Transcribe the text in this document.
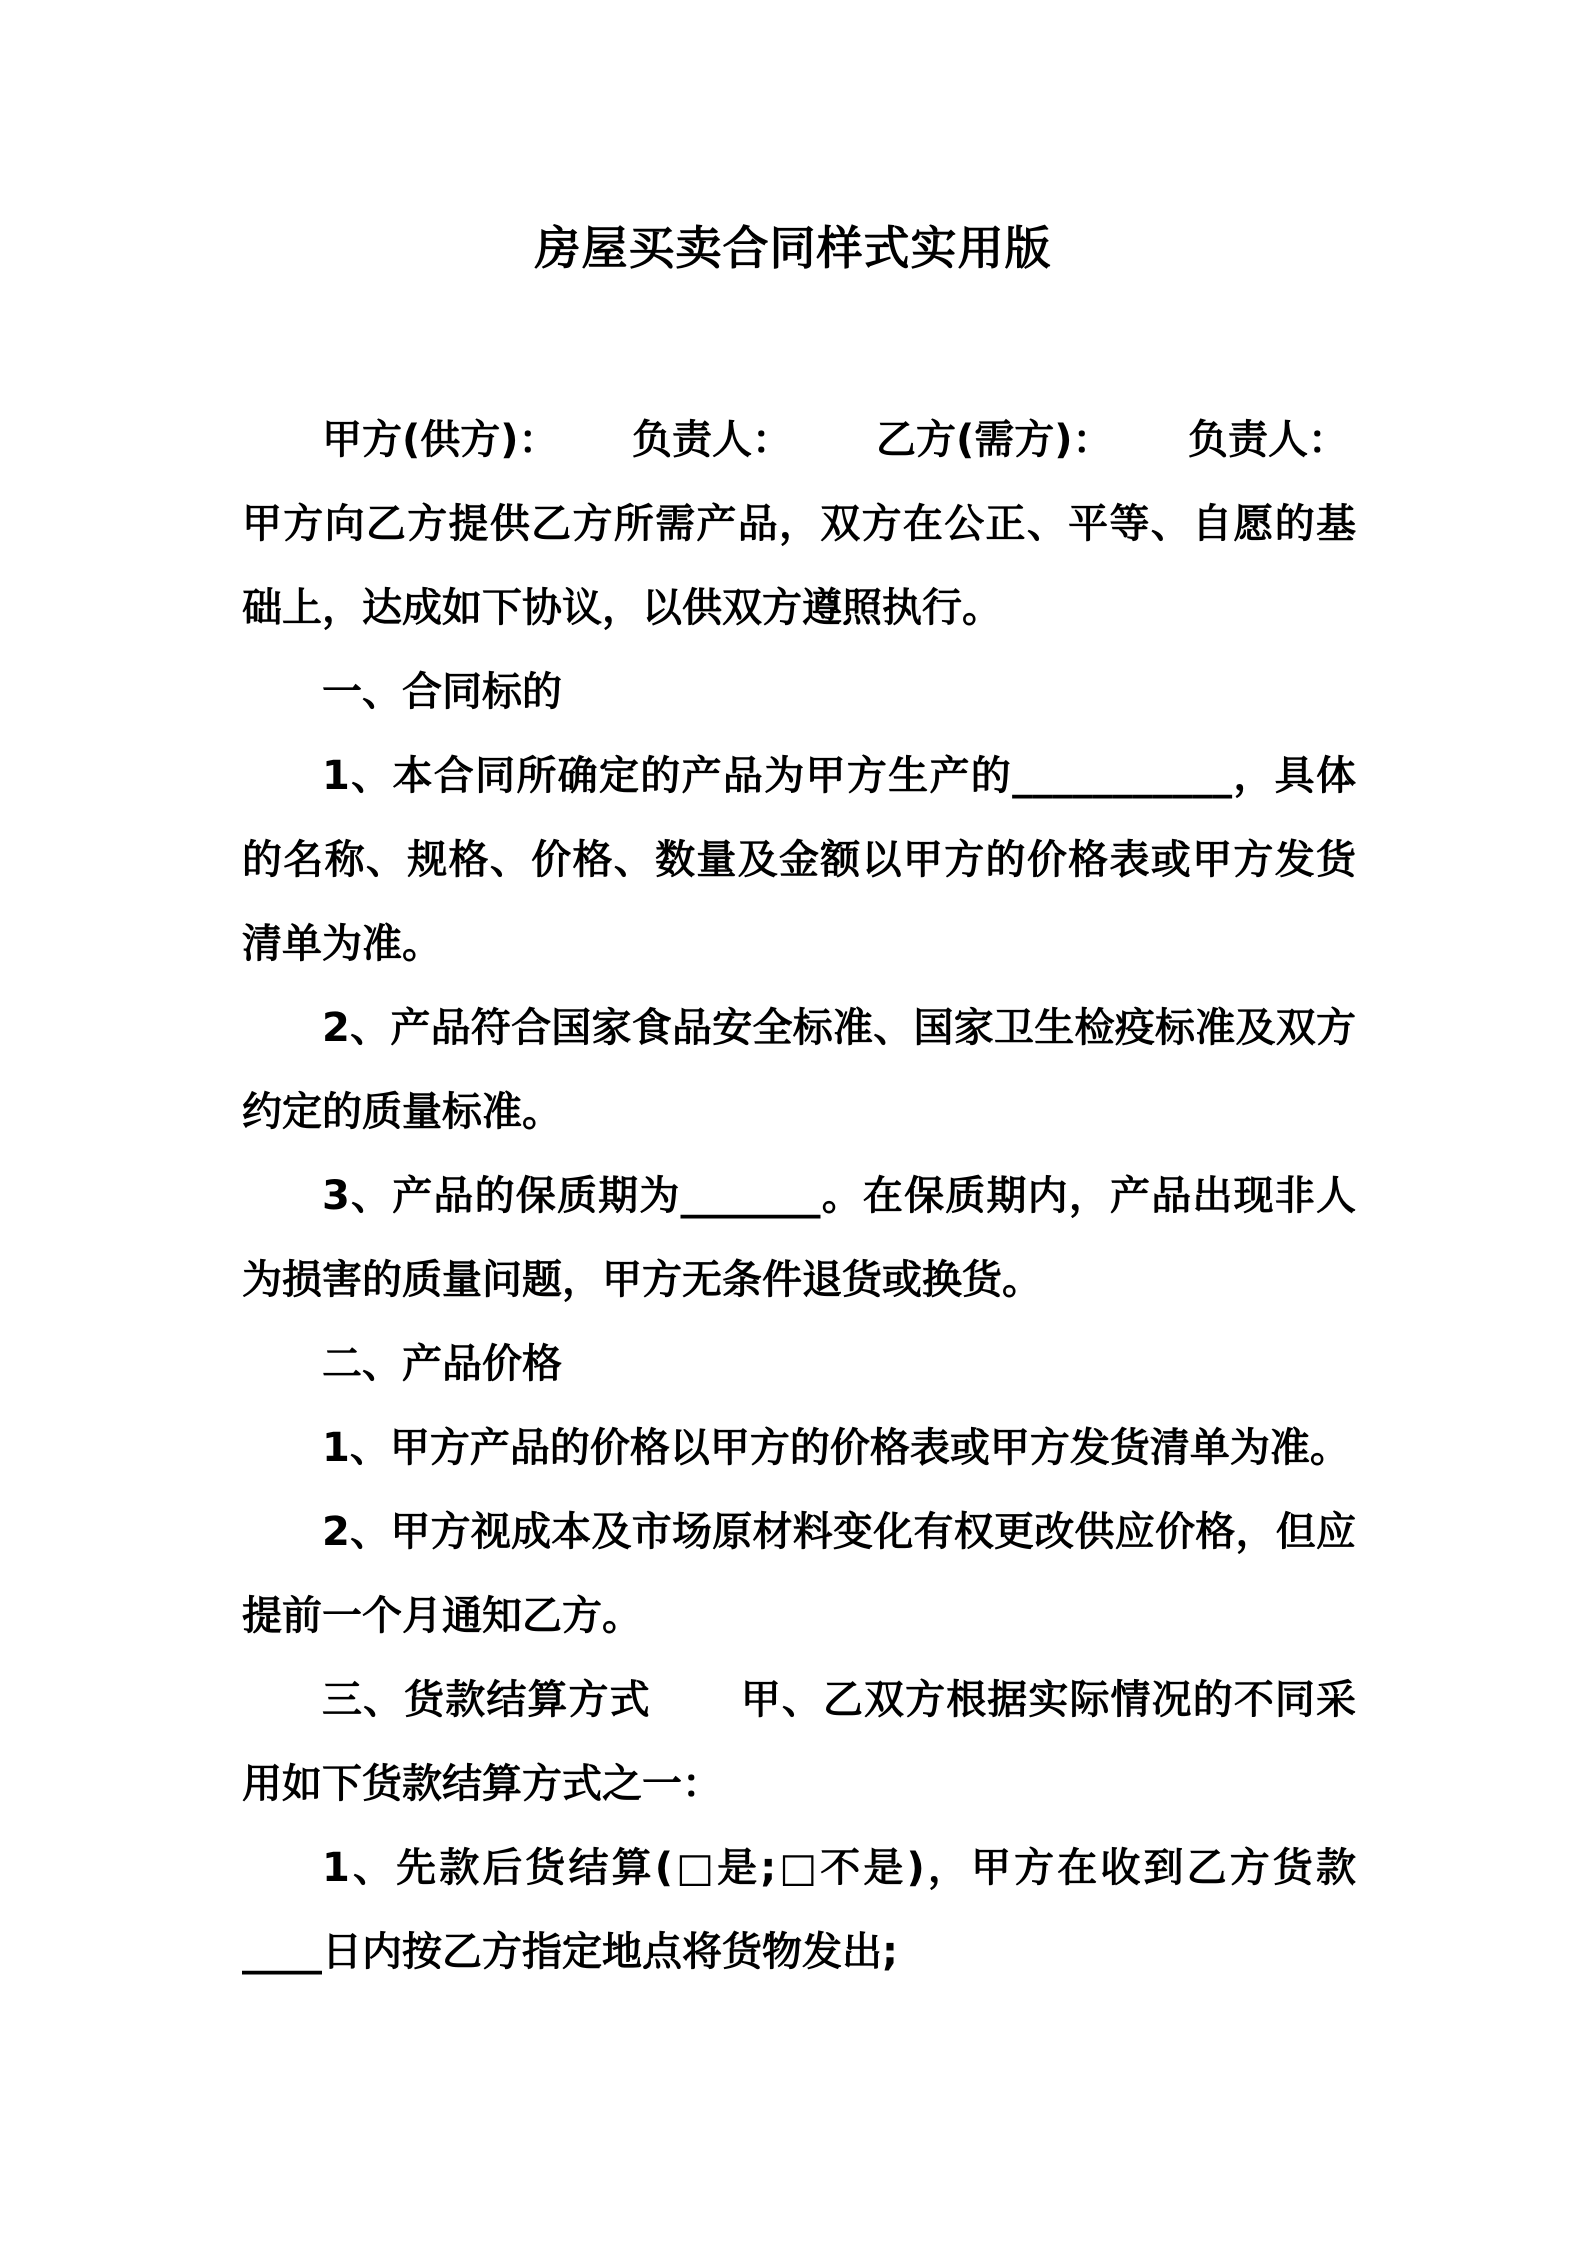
房屋买卖合同样式实用版

甲方(供方)： 负责人： 乙方(需方)： 负责人：

甲方向乙方提供乙方所需产品，双方在公正、平等、自愿的基础上，达成如下协议，以供双方遵照执行。

一、合同标的

1、本合同所确定的产品为甲方生产的___________，具体的名称、规格、价格、数量及金额以甲方的价格表或甲方发货清单为准。

2、产品符合国家食品安全标准、国家卫生检疫标准及双方约定的质量标准。

3、产品的保质期为_______。在保质期内，产品出现非人为损害的质量问题，甲方无条件退货或换货。

二、产品价格

1、甲方产品的价格以甲方的价格表或甲方发货清单为准。

2、甲方视成本及市场原材料变化有权更改供应价格，但应提前一个月通知乙方。

三、货款结算方式      甲、乙双方根据实际情况的不同采用如下货款结算方式之一：

1、先款后货结算(□是;□不是)，甲方在收到乙方货款____日内按乙方指定地点将货物发出;
